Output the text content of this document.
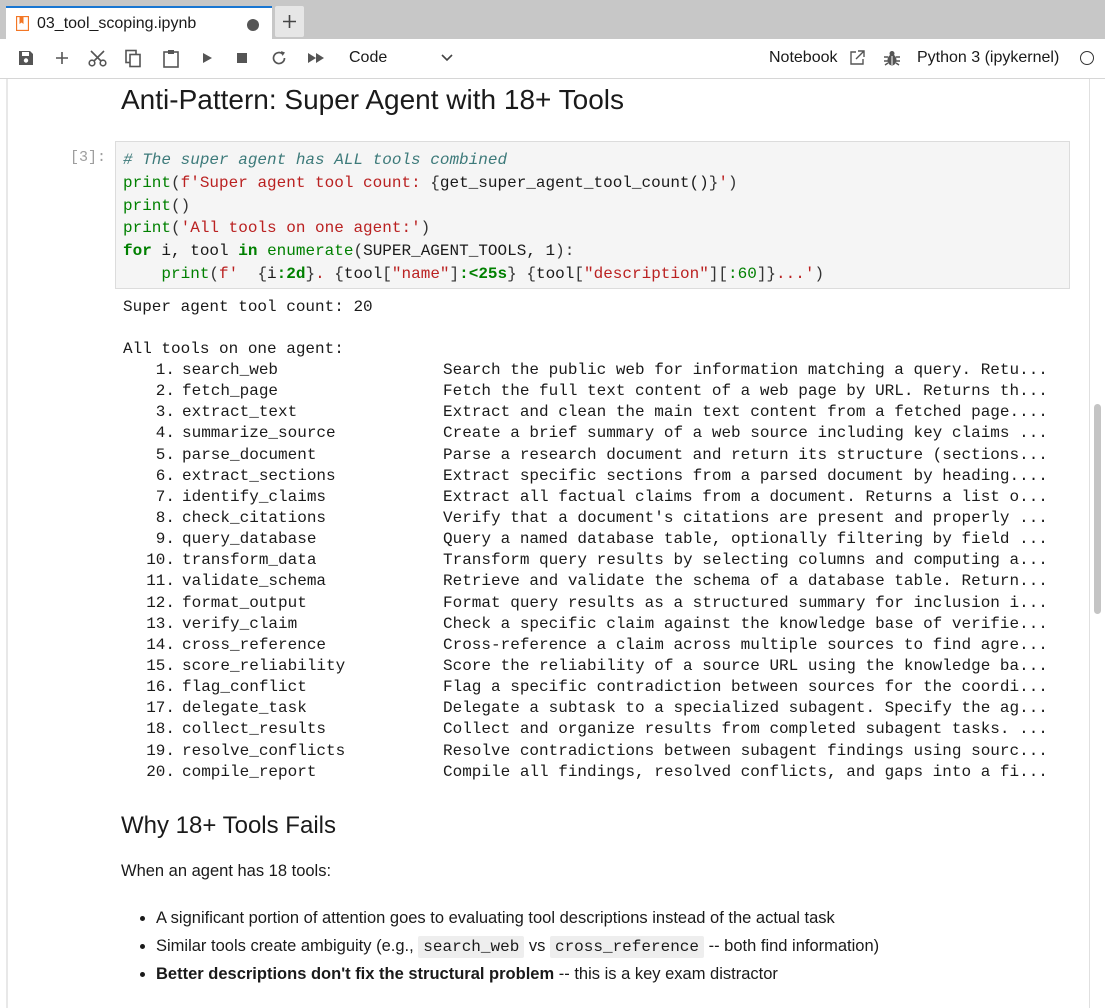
03_tool_scoping.ipynb
Code	Notebook	Python 3 (ipykernel)
Anti-Pattern: Super Agent with 18+ Tools
[3]: # The super agent has ALL tools combined
print(f'Super agent tool count: {get_super_agent_tool_count()}')
print()
print('All tools on one agent:')
for i, tool in enumerate(SUPER_AGENT_TOOLS, 1):
print(f'  {i:2d}. {tool["name"]:<25s} {tool["description"][:60]}...')
Super agent tool count: 20
All tools on one agent:
1. search_web	Search the public web for information matching a query. Retu...
2. fetch_page	Fetch the full text content of a web page by URL. Returns th...
3. extract_text	Extract and clean the main text content from a fetched page....
4. summarize_source	Create a brief summary of a web source including key claims ...
5. parse_document	Parse a research document and return its structure (sections...
6. extract_sections	Extract specific sections from a parsed document by heading....
7. identify_claims	Extract all factual claims from a document. Returns a list o...
8. check_citations	Verify that a document's citations are present and properly ...
9. query_database	Query a named database table, optionally filtering by field ...
10. transform_data	Transform query results by selecting columns and computing a...
11. validate_schema	Retrieve and validate the schema of a database table. Return...
12. format_output	Format query results as a structured summary for inclusion i...
13. verify_claim	Check a specific claim against the knowledge base of verifie...
14. cross_reference	Cross-reference a claim across multiple sources to find agre...
15. score_reliability	Score the reliability of a source URL using the knowledge ba...
16. flag_conflict	Flag a specific contradiction between sources for the coordi...
17. delegate_task	Delegate a subtask to a specialized subagent. Specify the ag...
18. collect_results	Collect and organize results from completed subagent tasks. ...
19. resolve_conflicts	Resolve contradictions between subagent findings using sourc...
20. compile_report	Compile all findings, resolved conflicts, and gaps into a fi...
Why 18+ Tools Fails

When an agent has 18 tools:

• A significant portion of attention goes to evaluating tool descriptions instead of the actual task
• Similar tools create ambiguity (e.g., search_web vs cross_reference -- both find information)
• Better descriptions don't fix the structural problem -- this is a key exam distractor
